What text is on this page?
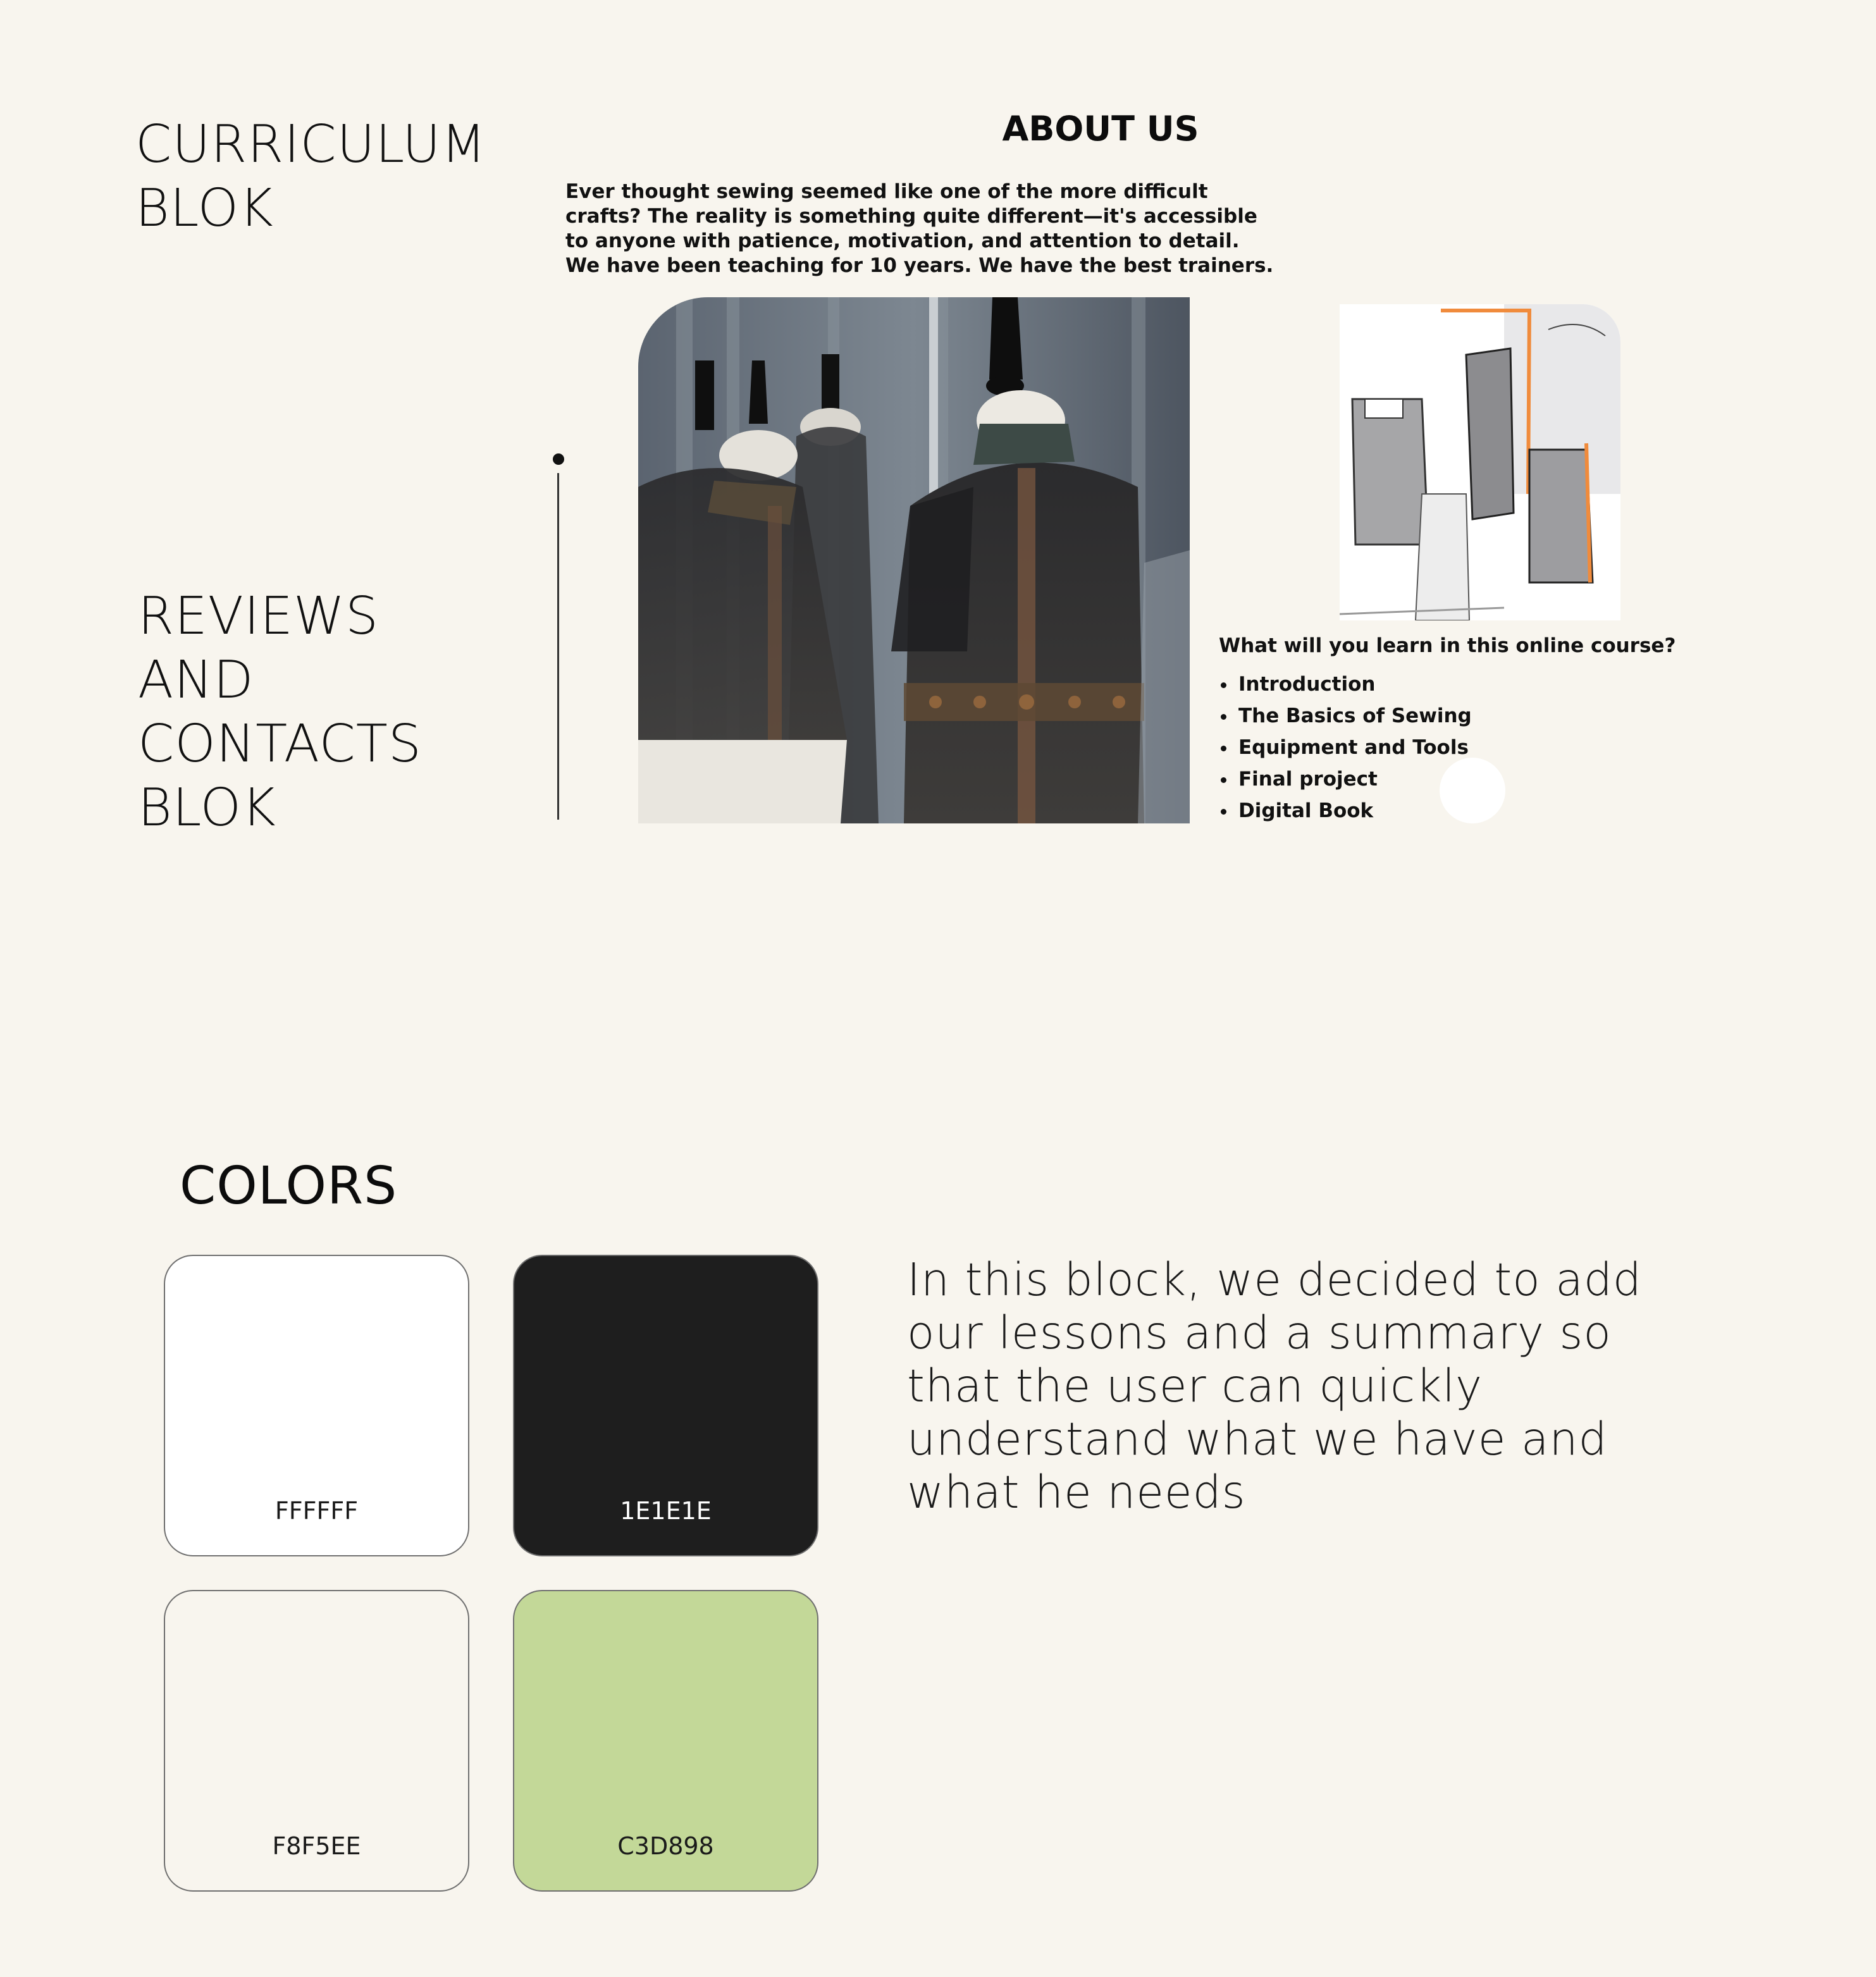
CURRICULUM
BLOK
REVIEWS
AND
CONTACTS
BLOK
ABOUT US
Ever thought sewing seemed like one of the more difficult crafts? The reality is something quite different—it's accessible to anyone with patience, motivation, and attention to detail. We have been teaching for 10 years. We have the best trainers.
What will you learn in this online course?
Introduction
The Basics of Sewing
Equipment and Tools
Final project
Digital Book
COLORS
FFFFFF	1E1E1E
F8F5EE	C3D898
In this block, we decided to add our lessons and a summary so that the user can quickly understand what we have and what he needs
